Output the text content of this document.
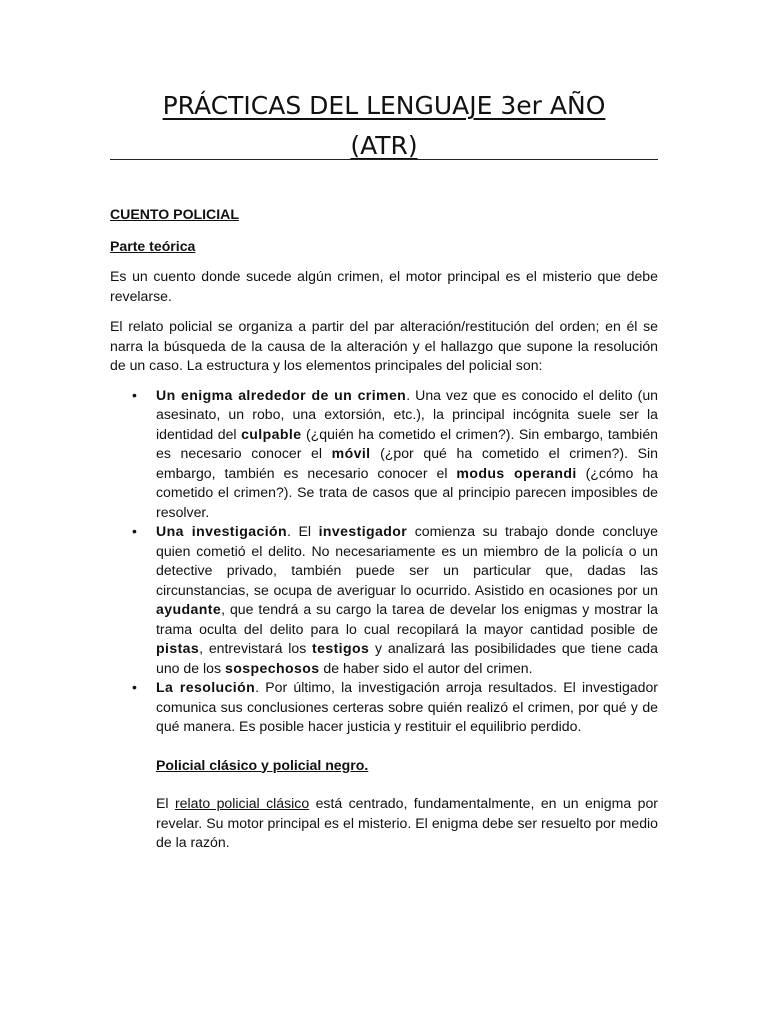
PRÁCTICAS DEL LENGUAJE 3er AÑO
(ATR)

CUENTO POLICIAL

Parte teórica

Es un cuento donde sucede algún crimen, el motor principal es el misterio que debe revelarse.

El relato policial se organiza a partir del par alteración/restitución del orden; en él se narra la búsqueda de la causa de la alteración y el hallazgo que supone la resolución de un caso. La estructura y los elementos principales del policial son:

• Un enigma alrededor de un crimen. Una vez que es conocido el delito (un asesinato, un robo, una extorsión, etc.), la principal incógnita suele ser la identidad del culpable (¿quién ha cometido el crimen?). Sin embargo, también es necesario conocer el móvil (¿por qué ha cometido el crimen?). Sin embargo, también es necesario conocer el modus operandi (¿cómo ha cometido el crimen?). Se trata de casos que al principio parecen imposibles de resolver.
• Una investigación. El investigador comienza su trabajo donde concluye quien cometió el delito. No necesariamente es un miembro de la policía o un detective privado, también puede ser un particular que, dadas las circunstancias, se ocupa de averiguar lo ocurrido. Asistido en ocasiones por un ayudante, que tendrá a su cargo la tarea de develar los enigmas y mostrar la trama oculta del delito para lo cual recopilará la mayor cantidad posible de pistas, entrevistará los testigos y analizará las posibilidades que tiene cada uno de los sospechosos de haber sido el autor del crimen.
• La resolución. Por último, la investigación arroja resultados. El investigador comunica sus conclusiones certeras sobre quién realizó el crimen, por qué y de qué manera. Es posible hacer justicia y restituir el equilibrio perdido.

Policial clásico y policial negro.

El relato policial clásico está centrado, fundamentalmente, en un enigma por revelar. Su motor principal es el misterio. El enigma debe ser resuelto por medio de la razón.
